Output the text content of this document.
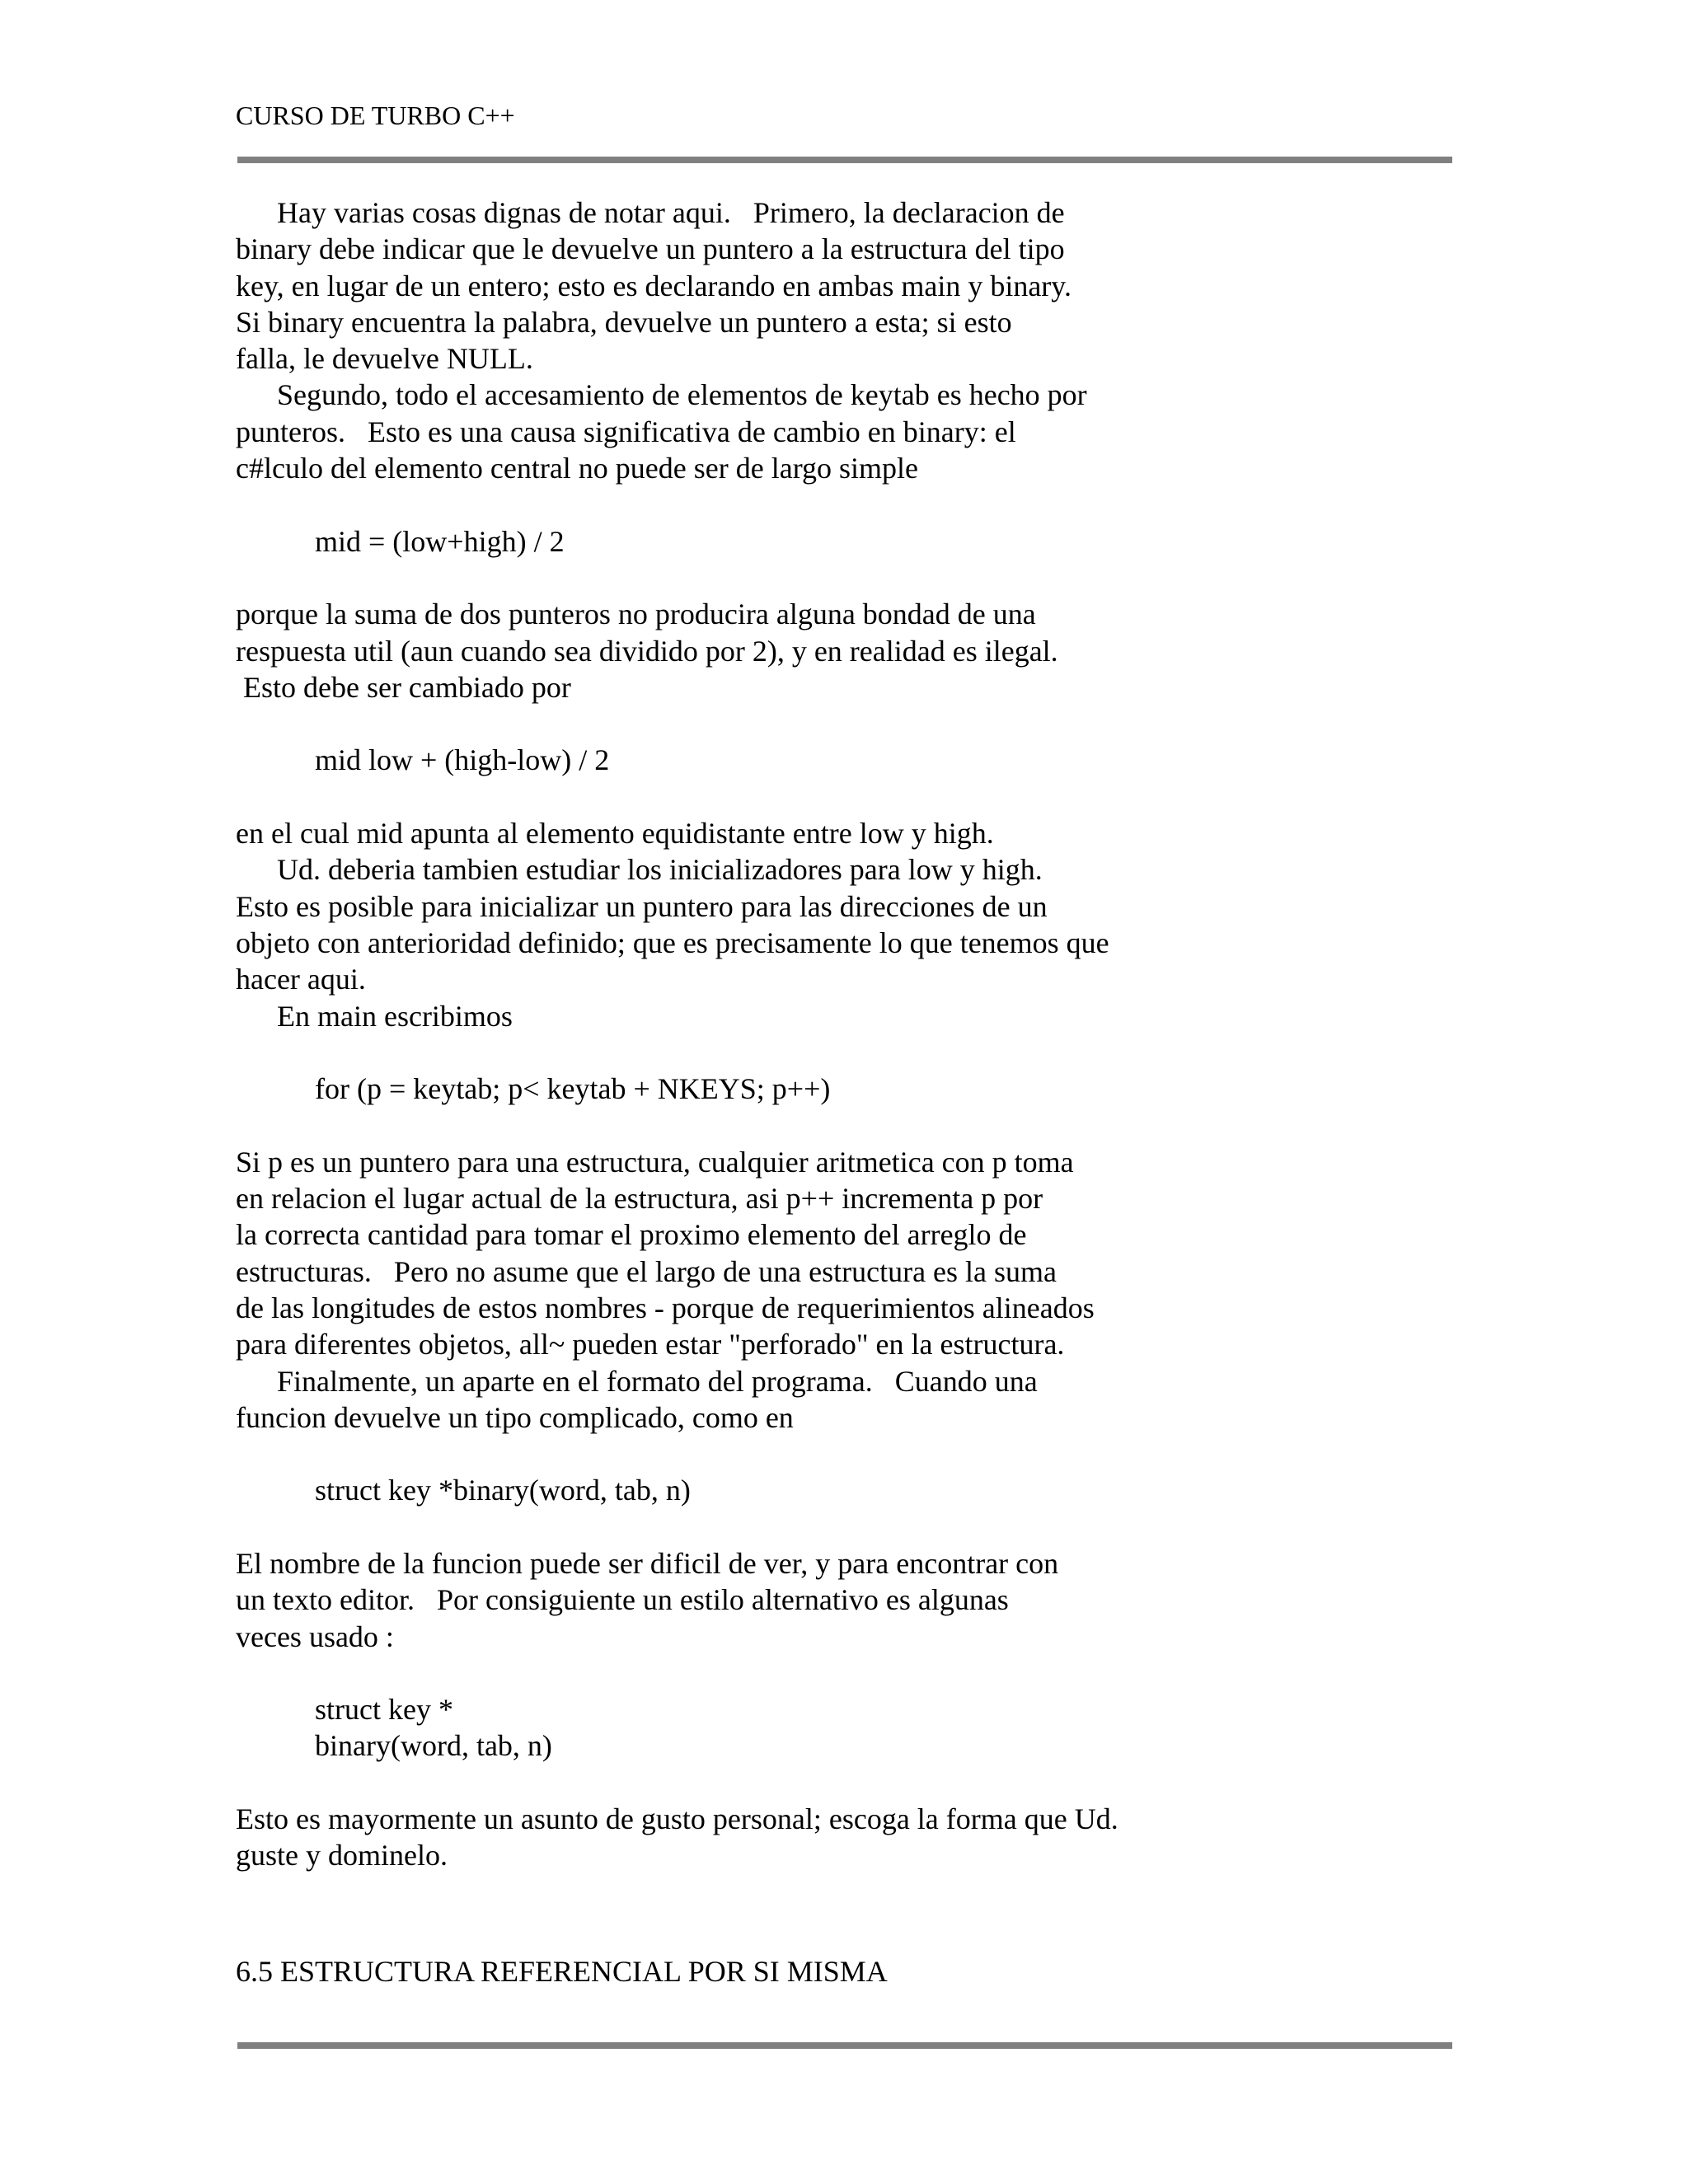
CURSO DE TURBO C++
Hay varias cosas dignas de notar aqui.   Primero, la declaracion de
binary debe indicar que le devuelve un puntero a la estructura del tipo
key, en lugar de un entero; esto es declarando en ambas main y binary.
Si binary encuentra la palabra, devuelve un puntero a esta; si esto
falla, le devuelve NULL.
Segundo, todo el accesamiento de elementos de keytab es hecho por
punteros.   Esto es una causa significativa de cambio en binary: el
c#lculo del elemento central no puede ser de largo simple
mid = (low+high) / 2
porque la suma de dos punteros no producira alguna bondad de una
respuesta util (aun cuando sea dividido por 2), y en realidad es ilegal.
Esto debe ser cambiado por
mid low + (high-low) / 2
en el cual mid apunta al elemento equidistante entre low y high.
Ud. deberia tambien estudiar los inicializadores para low y high.
Esto es posible para inicializar un puntero para las direcciones de un
objeto con anterioridad definido; que es precisamente lo que tenemos que
hacer aqui.
En main escribimos
for (p = keytab; p< keytab + NKEYS; p++)
Si p es un puntero para una estructura, cualquier aritmetica con p toma
en relacion el lugar actual de la estructura, asi p++ incrementa p por
la correcta cantidad para tomar el proximo elemento del arreglo de
estructuras.   Pero no asume que el largo de una estructura es la suma
de las longitudes de estos nombres - porque de requerimientos alineados
para diferentes objetos, all~ pueden estar "perforado" en la estructura.
Finalmente, un aparte en el formato del programa.   Cuando una
funcion devuelve un tipo complicado, como en
struct key *binary(word, tab, n)
El nombre de la funcion puede ser dificil de ver, y para encontrar con
un texto editor.   Por consiguiente un estilo alternativo es algunas
veces usado :
struct key *
binary(word, tab, n)
Esto es mayormente un asunto de gusto personal; escoga la forma que Ud.
guste y dominelo.
6.5 ESTRUCTURA REFERENCIAL POR SI MISMA
